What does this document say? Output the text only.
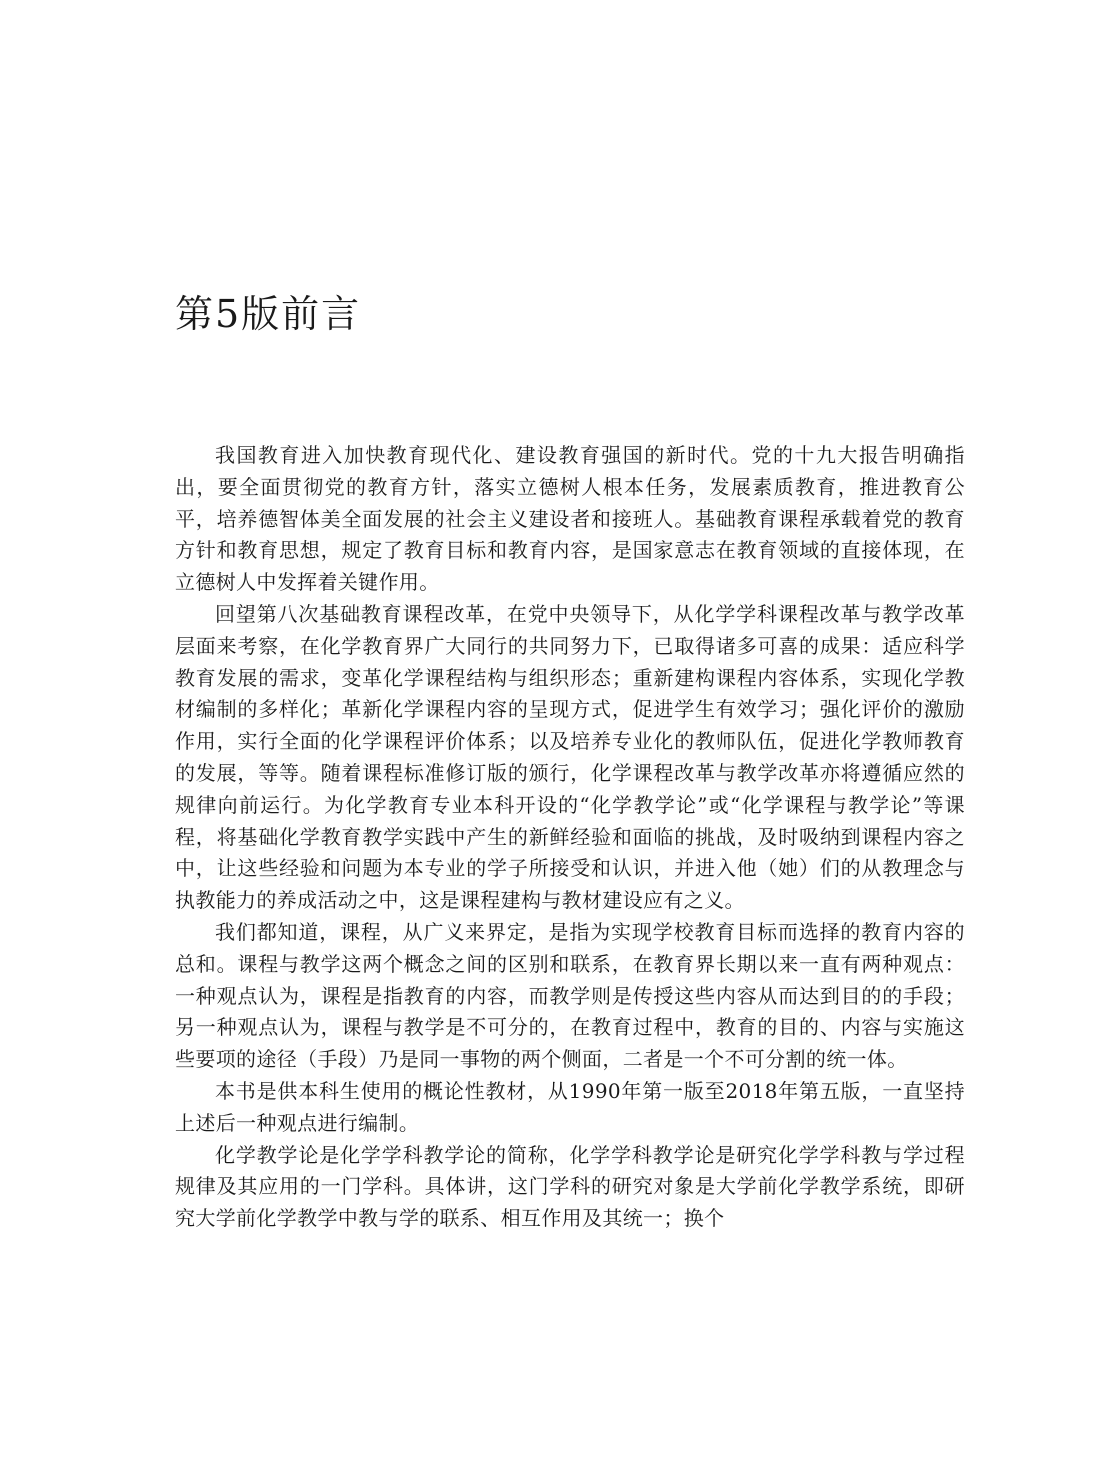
第5版前言

我国教育进入加快教育现代化、建设教育强国的新时代。党的十九大报告明确指出，要全面贯彻党的教育方针，落实立德树人根本任务，发展素质教育，推进教育公平，培养德智体美全面发展的社会主义建设者和接班人。基础教育课程承载着党的教育方针和教育思想，规定了教育目标和教育内容，是国家意志在教育领域的直接体现，在立德树人中发挥着关键作用。

回望第八次基础教育课程改革，在党中央领导下，从化学学科课程改革与教学改革层面来考察，在化学教育界广大同行的共同努力下，已取得诸多可喜的成果：适应科学教育发展的需求，变革化学课程结构与组织形态；重新建构课程内容体系，实现化学教材编制的多样化；革新化学课程内容的呈现方式，促进学生有效学习；强化评价的激励作用，实行全面的化学课程评价体系；以及培养专业化的教师队伍，促进化学教师教育的发展，等等。随着课程标准修订版的颁行，化学课程改革与教学改革亦将遵循应然的规律向前运行。为化学教育专业本科开设的“化学教学论”或“化学课程与教学论”等课程，将基础化学教育教学实践中产生的新鲜经验和面临的挑战，及时吸纳到课程内容之中，让这些经验和问题为本专业的学子所接受和认识，并进入他（她）们的从教理念与执教能力的养成活动之中，这是课程建构与教材建设应有之义。

我们都知道，课程，从广义来界定，是指为实现学校教育目标而选择的教育内容的总和。课程与教学这两个概念之间的区别和联系，在教育界长期以来一直有两种观点：一种观点认为，课程是指教育的内容，而教学则是传授这些内容从而达到目的的手段；另一种观点认为，课程与教学是不可分的，在教育过程中，教育的目的、内容与实施这些要项的途径（手段）乃是同一事物的两个侧面，二者是一个不可分割的统一体。

本书是供本科生使用的概论性教材，从1990年第一版至2018年第五版，一直坚持上述后一种观点进行编制。

化学教学论是化学学科教学论的简称，化学学科教学论是研究化学学科教与学过程规律及其应用的一门学科。具体讲，这门学科的研究对象是大学前化学教学系统，即研究大学前化学教学中教与学的联系、相互作用及其统一；换个
